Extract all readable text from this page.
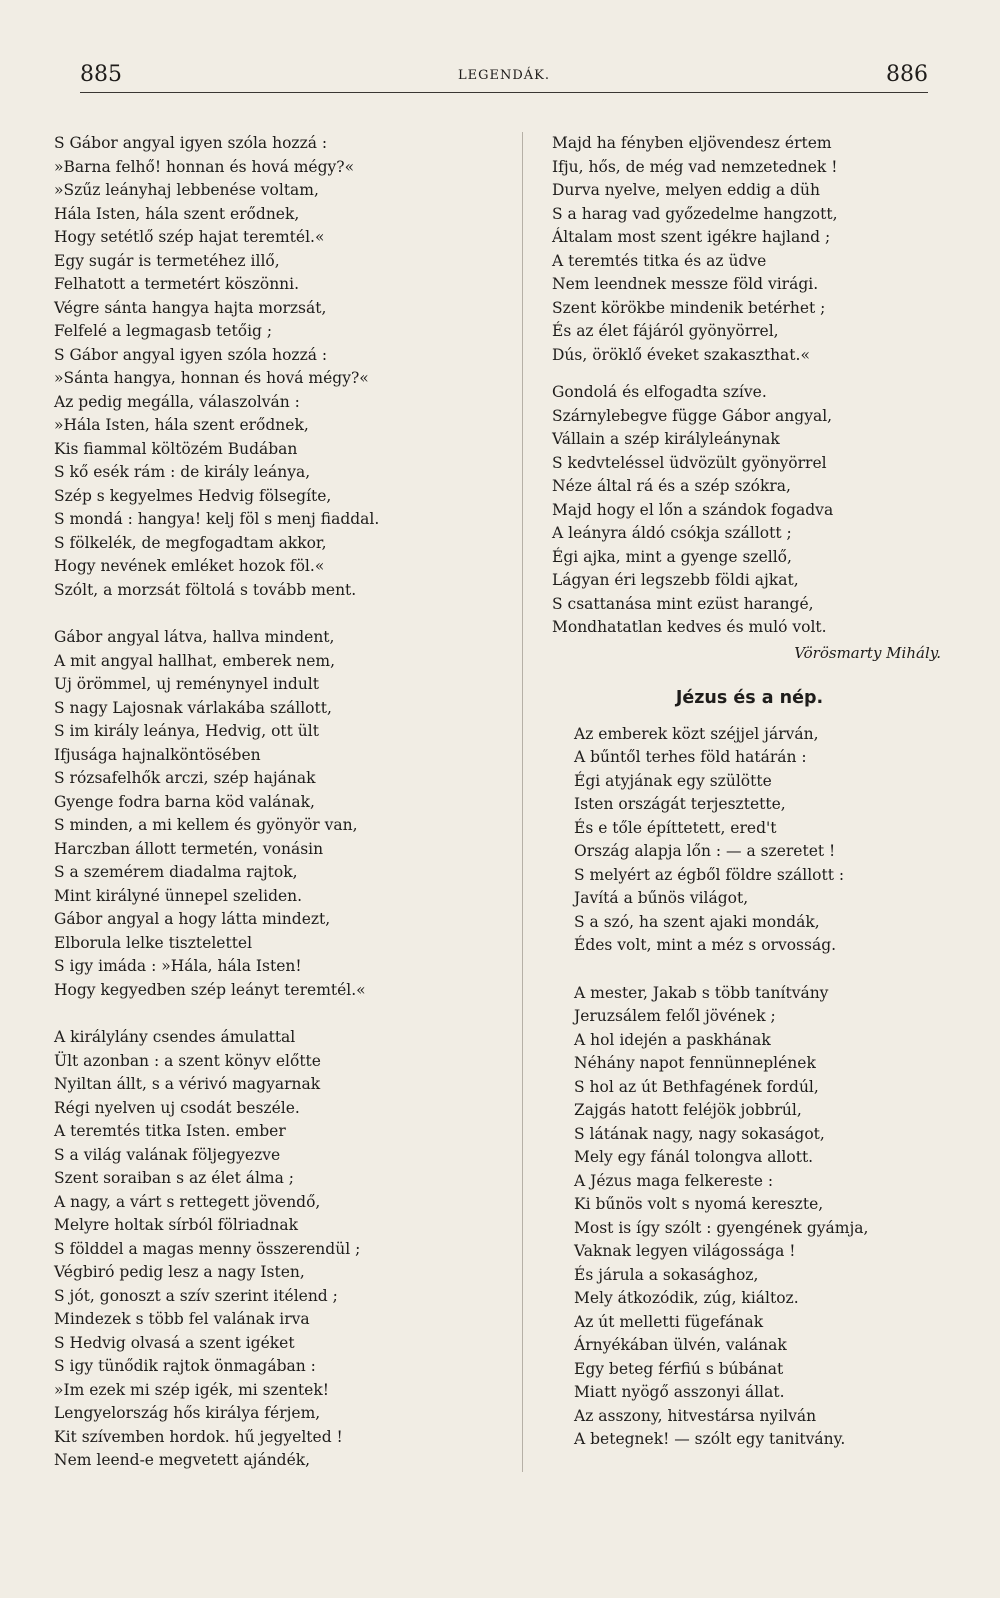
885	LEGENDÁK.	886
S Gábor angyal igyen szóla hozzá :
»Barna felhő! honnan és hová mégy?«
»Szűz leányhaj lebbenése voltam,
Hála Isten, hála szent erődnek,
Hogy setétlő szép hajat teremtél.«
Egy sugár is termetéhez illő,
Felhatott a termetért köszönni.
Végre sánta hangya hajta morzsát,
Felfelé a legmagasb tetőig ;
S Gábor angyal igyen szóla hozzá :
»Sánta hangya, honnan és hová mégy?«
Az pedig megálla, válaszolván :
»Hála Isten, hála szent erődnek,
Kis fiammal költözém Budában
S kő esék rám : de király leánya,
Szép s kegyelmes Hedvig fölsegíte,
S mondá : hangya! kelj föl s menj fiaddal.
S fölkelék, de megfogadtam akkor,
Hogy nevének emléket hozok föl.«
Szólt, a morzsát föltolá s tovább ment.
Gábor angyal látva, hallva mindent,
A mit angyal hallhat, emberek nem,
Uj örömmel, uj reménynyel indult
S nagy Lajosnak várlakába szállott,
S im király leánya, Hedvig, ott ült
Ifjusága hajnalköntösében
S rózsafelhők arczi, szép hajának
Gyenge fodra barna köd valának,
S minden, a mi kellem és gyönyör van,
Harczban állott termetén, vonásin
S a szemérem diadalma rajtok,
Mint királyné ünnepel szeliden.
Gábor angyal a hogy látta mindezt,
Elborula lelke tisztelettel
S igy imáda : »Hála, hála Isten!
Hogy kegyedben szép leányt teremtél.«
A királylány csendes ámulattal
Ült azonban : a szent könyv előtte
Nyiltan állt, s a vérivó magyarnak
Régi nyelven uj csodát beszéle.
A teremtés titka Isten. ember
S a világ valának följegyezve
Szent soraiban s az élet álma ;
A nagy, a várt s rettegett jövendő,
Melyre holtak sírból fölriadnak
S földdel a magas menny összerendül ;
Végbiró pedig lesz a nagy Isten,
S jót, gonoszt a szív szerint itélend ;
Mindezek s több fel valának irva
S Hedvig olvasá a szent igéket
S igy tünődik rajtok önmagában :
»Im ezek mi szép igék, mi szentek!
Lengyelország hős királya férjem,
Kit szívemben hordok. hű jegyelted !
Nem leend-e megvetett ajándék,
Majd ha fényben eljövendesz értem
Ifju, hős, de még vad nemzetednek !
Durva nyelve, melyen eddig a düh
S a harag vad győzedelme hangzott,
Általam most szent igékre hajland ;
A teremtés titka és az üdve
Nem leendnek messze föld virági.
Szent körökbe mindenik betérhet ;
És az élet fájáról gyönyörrel,
Dús, öröklő éveket szakaszthat.«
Gondolá és elfogadta szíve.
Szárnylebegve függe Gábor angyal,
Vállain a szép királyleánynak
S kedvteléssel üdvözült gyönyörrel
Néze által rá és a szép szókra,
Majd hogy el lőn a szándok fogadva
A leányra áldó csókja szállott ;
Égi ajka, mint a gyenge szellő,
Lágyan éri legszebb földi ajkat,
S csattanása mint ezüst harangé,
Mondhatatlan kedves és muló volt.
Vörösmarty Mihály.
Jézus és a nép.
Az emberek közt széjjel járván,
A bűntől terhes föld határán :
Égi atyjának egy szülötte
Isten országát terjesztette,
És e tőle építtetett, ered't
Ország alapja lőn : — a szeretet !
S melyért az égből földre szállott :
Javítá a bűnös világot,
S a szó, ha szent ajaki mondák,
Édes volt, mint a méz s orvosság.
A mester, Jakab s több tanítvány
Jeruzsálem felől jövének ;
A hol idején a paskhának
Néhány napot fennünneplének
S hol az út Bethfagének fordúl,
Zajgás hatott feléjök jobbrúl,
S látának nagy, nagy sokaságot,
Mely egy fánál tolongva allott.
A Jézus maga felkereste :
Ki bűnös volt s nyomá kereszte,
Most is így szólt : gyengének gyámja,
Vaknak legyen világossága !
És járula a sokasághoz,
Mely átkozódik, zúg, kiáltoz.
Az út melletti fügefának
Árnyékában ülvén, valának
Egy beteg férfiú s búbánat
Miatt nyögő asszonyi állat.
Az asszony, hitvestársa nyilván
A betegnek! — szólt egy tanitvány.
